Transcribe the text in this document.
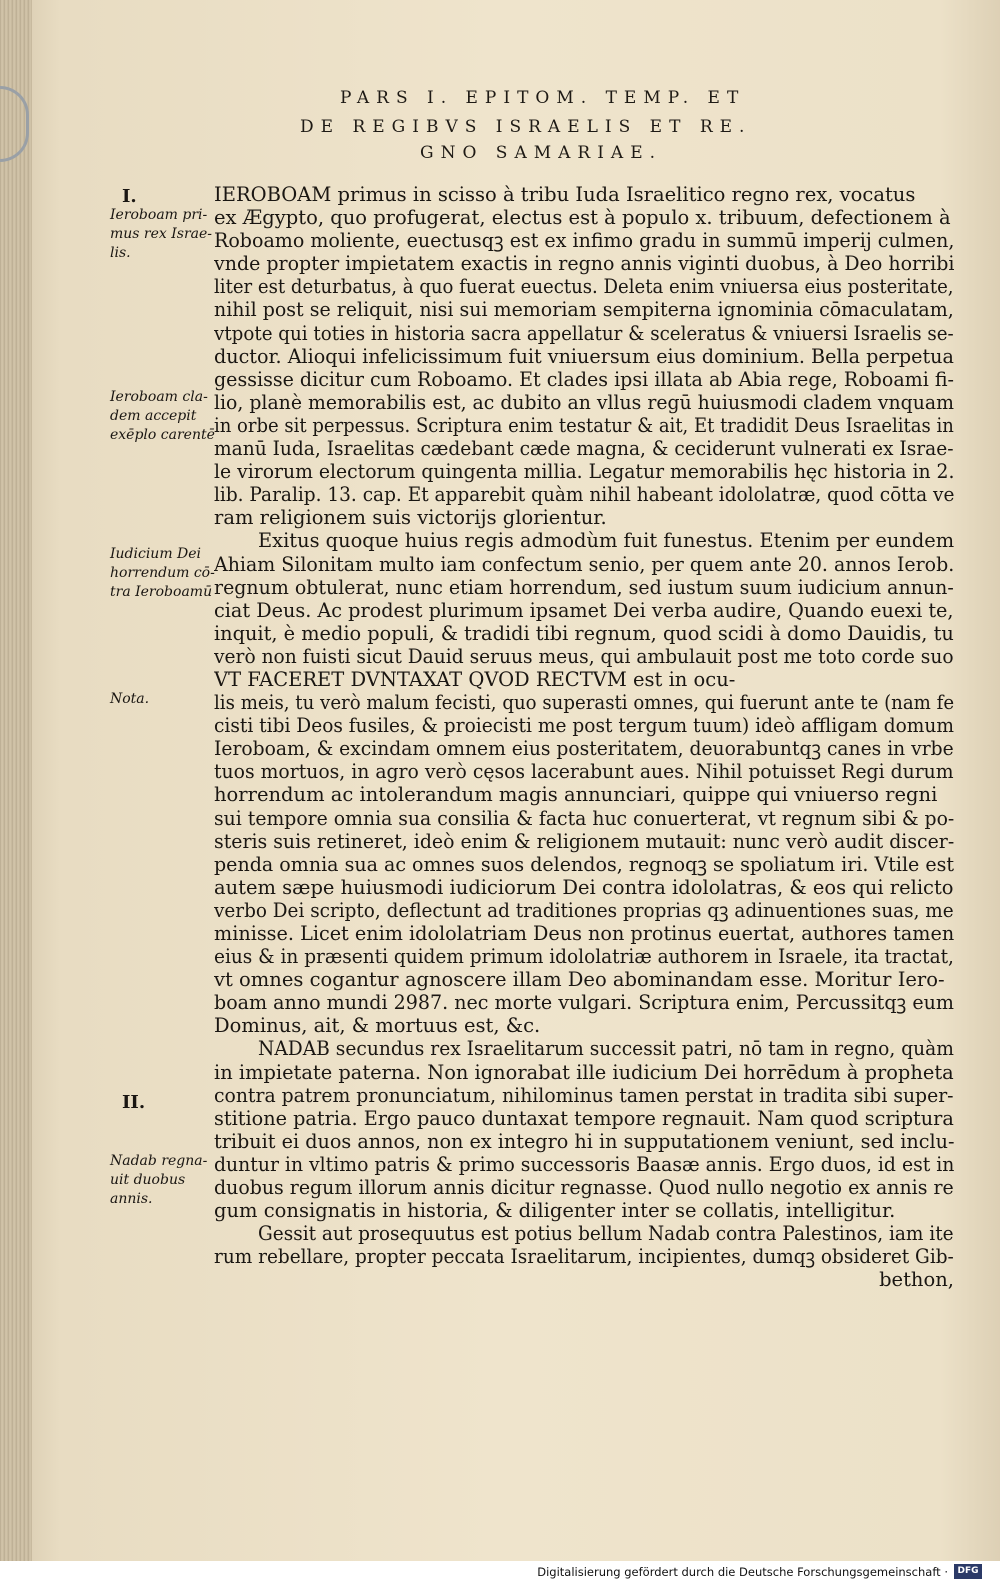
PARS I. EPITOM. TEMP. ET
DE REGIBVS ISRAELIS ET RE.
GNO SAMARIAE.
I.
Ieroboam pri-
mus rex Israe-
lis.
Ieroboam cla-
dem accepit
exēplo carentē
Iudicium Dei
horrendum cō-
tra Ieroboamū
Nota.
II.
Nadab regna-
uit duobus
annis.
IEROBOAM primus in scisso à tribu Iuda Israelitico regno rex, vocatus
ex Ægypto, quo profugerat, electus est à populo x. tribuum, defectionem à
Roboamo moliente, euectusqꝫ est ex infimo gradu in summū imperij culmen,
vnde propter impietatem exactis in regno annis viginti duobus, à Deo horribi
liter est deturbatus, à quo fuerat euectus. Deleta enim vniuersa eius posteritate,
nihil post se reliquit, nisi sui memoriam sempiterna ignominia cōmaculatam,
vtpote qui toties in historia sacra appellatur & sceleratus & vniuersi Israelis se-
ductor. Alioqui infelicissimum fuit vniuersum eius dominium. Bella perpetua
gessisse dicitur cum Roboamo. Et clades ipsi illata ab Abia rege, Roboami fi-
lio, planè memorabilis est, ac dubito an vllus regū huiusmodi cladem vnquam
in orbe sit perpessus. Scriptura enim testatur & ait, Et tradidit Deus Israelitas in
manū Iuda, Israelitas cædebant cæde magna, & ceciderunt vulnerati ex Israe-
le virorum electorum quingenta millia. Legatur memorabilis hęc historia in 2.
lib. Paralip. 13. cap. Et apparebit quàm nihil habeant idololatræ, quod cōtta ve
ram religionem suis victorijs glorientur.
Exitus quoque huius regis admodùm fuit funestus. Etenim per eundem
Ahiam Silonitam multo iam confectum senio, per quem ante 20. annos Ierob.
regnum obtulerat, nunc etiam horrendum, sed iustum suum iudicium annun-
ciat Deus. Ac prodest plurimum ipsamet Dei verba audire, Quando euexi te,
inquit, è medio populi, & tradidi tibi regnum, quod scidi à domo Dauidis, tu
verò non fuisti sicut Dauid seruus meus, qui ambulauit post me toto corde suo
VT FACERET DVNTAXAT QVOD RECTVM est in ocu-
lis meis, tu verò malum fecisti, quo superasti omnes, qui fuerunt ante te (nam fe
cisti tibi Deos fusiles, & proiecisti me post tergum tuum) ideò affligam domum
Ieroboam, & excindam omnem eius posteritatem, deuorabuntqꝫ canes in vrbe
tuos mortuos, in agro verò cęsos lacerabunt aues. Nihil potuisset Regi durum
horrendum ac intolerandum magis annunciari, quippe qui vniuerso regni
sui tempore omnia sua consilia & facta huc conuerterat, vt regnum sibi & po-
steris suis retineret, ideò enim & religionem mutauit: nunc verò audit discer-
penda omnia sua ac omnes suos delendos, regnoqꝫ se spoliatum iri. Vtile est
autem sæpe huiusmodi iudiciorum Dei contra idololatras, & eos qui relicto
verbo Dei scripto, deflectunt ad traditiones proprias qꝫ adinuentiones suas, me
minisse. Licet enim idololatriam Deus non protinus euertat, authores tamen
eius & in præsenti quidem primum idololatriæ authorem in Israele, ita tractat,
vt omnes cogantur agnoscere illam Deo abominandam esse. Moritur Iero-
boam anno mundi 2987. nec morte vulgari. Scriptura enim, Percussitqꝫ eum
Dominus, ait, & mortuus est, &c.
NADAB secundus rex Israelitarum successit patri, nō tam in regno, quàm
in impietate paterna. Non ignorabat ille iudicium Dei horrēdum à propheta
contra patrem pronunciatum, nihilominus tamen perstat in tradita sibi super-
stitione patria. Ergo pauco duntaxat tempore regnauit. Nam quod scriptura
tribuit ei duos annos, non ex integro hi in supputationem veniunt, sed inclu-
duntur in vltimo patris & primo successoris Baasæ annis. Ergo duos, id est in
duobus regum illorum annis dicitur regnasse. Quod nullo negotio ex annis re
gum consignatis in historia, & diligenter inter se collatis, intelligitur.
Gessit aut prosequutus est potius bellum Nadab contra Palestinos, iam ite
rum rebellare, propter peccata Israelitarum, incipientes, dumqꝫ obsideret Gib-
bethon,
Digitalisierung gefördert durch die Deutsche Forschungsgemeinschaft ·	DFG
